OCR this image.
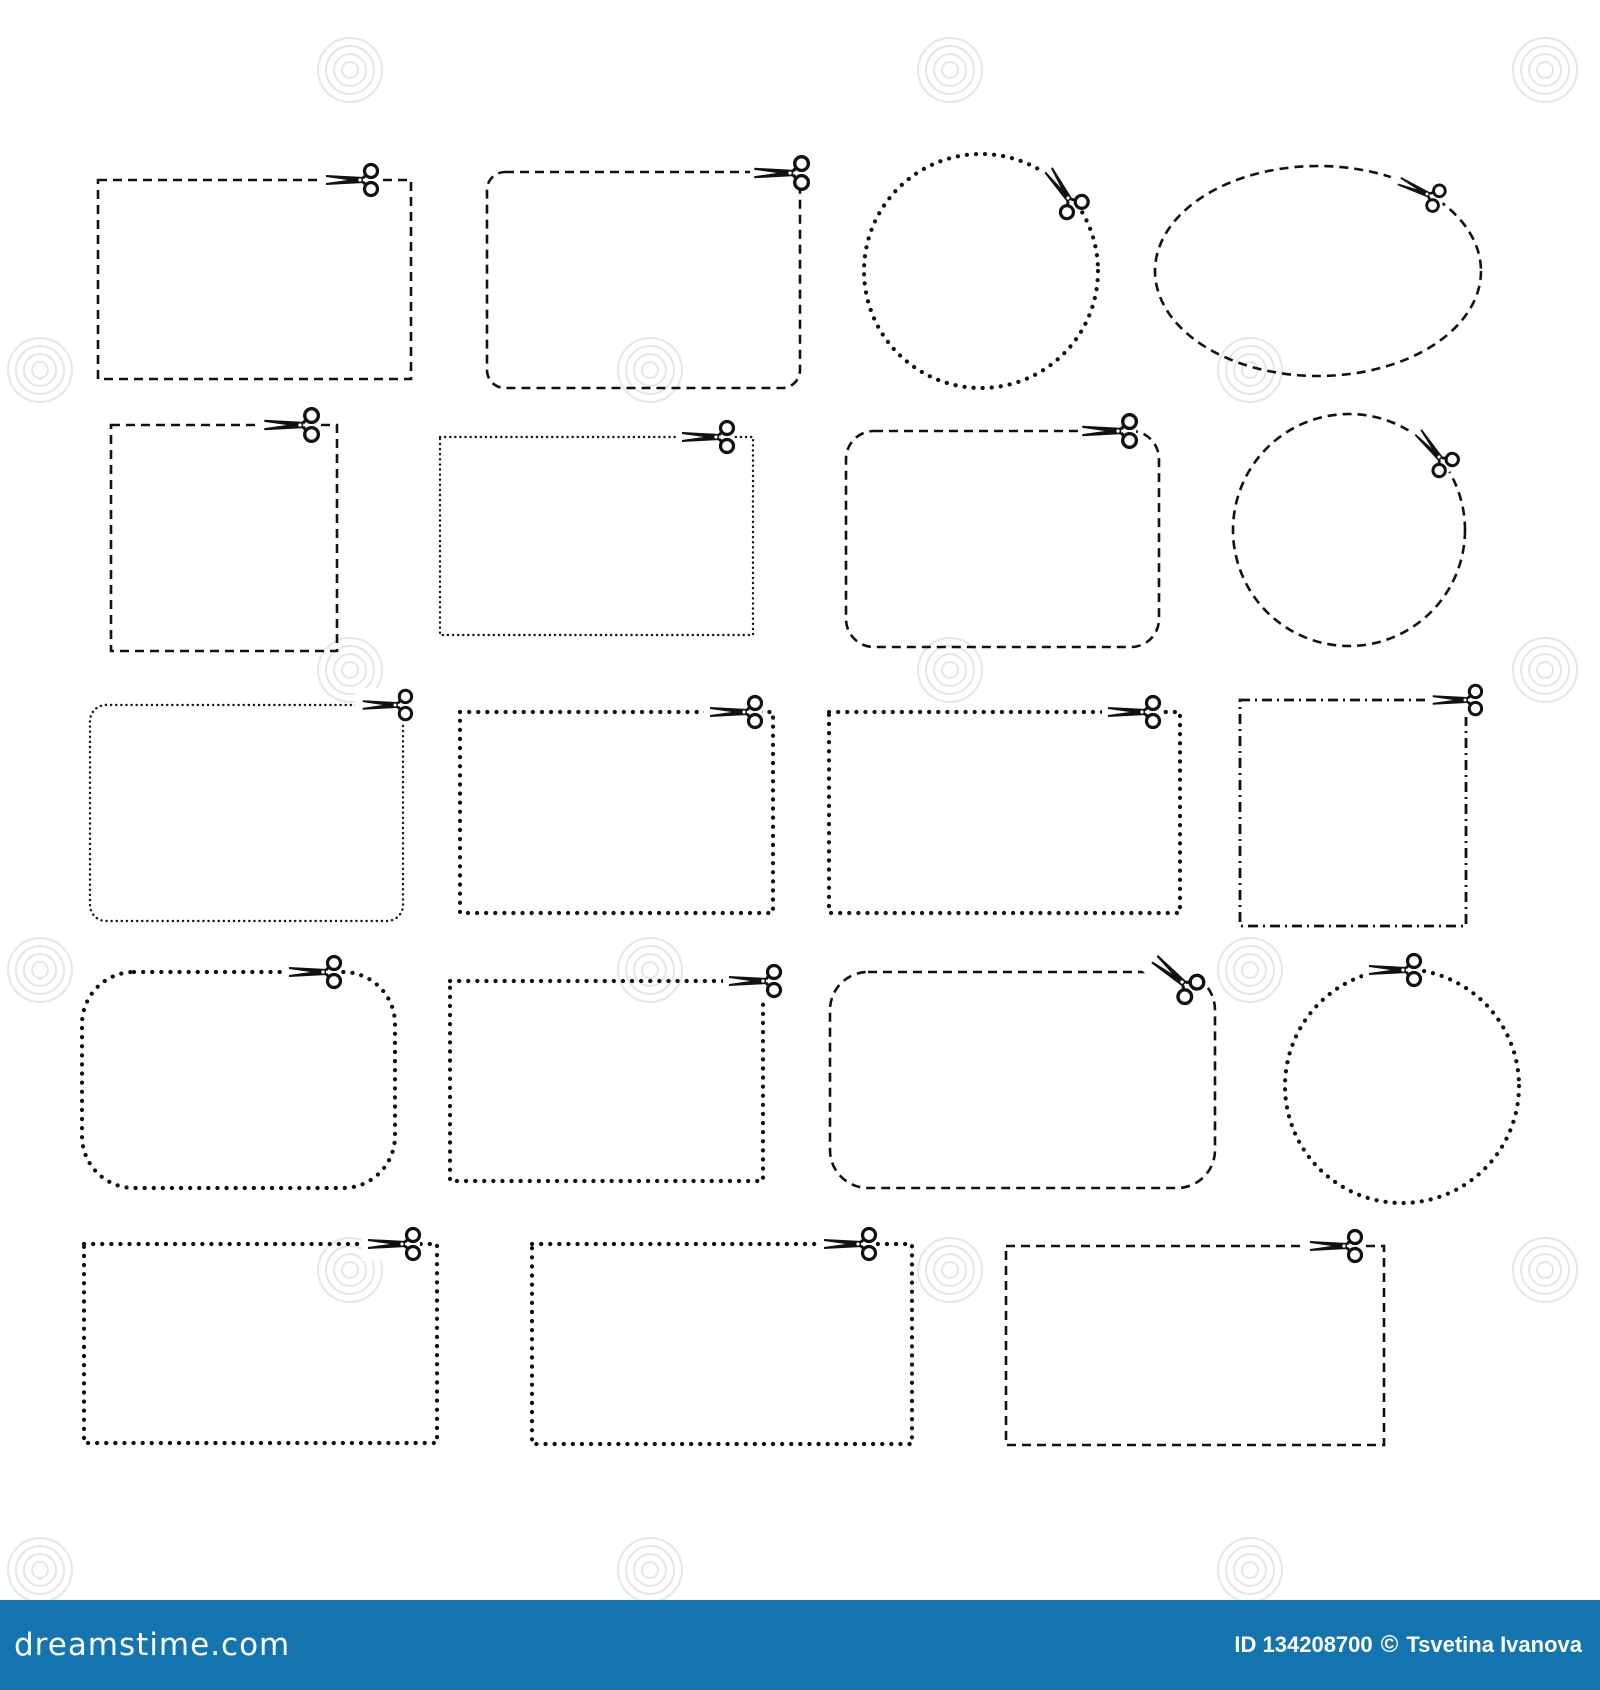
dreamstime.com	ID 134208700 © Tsvetina Ivanova
